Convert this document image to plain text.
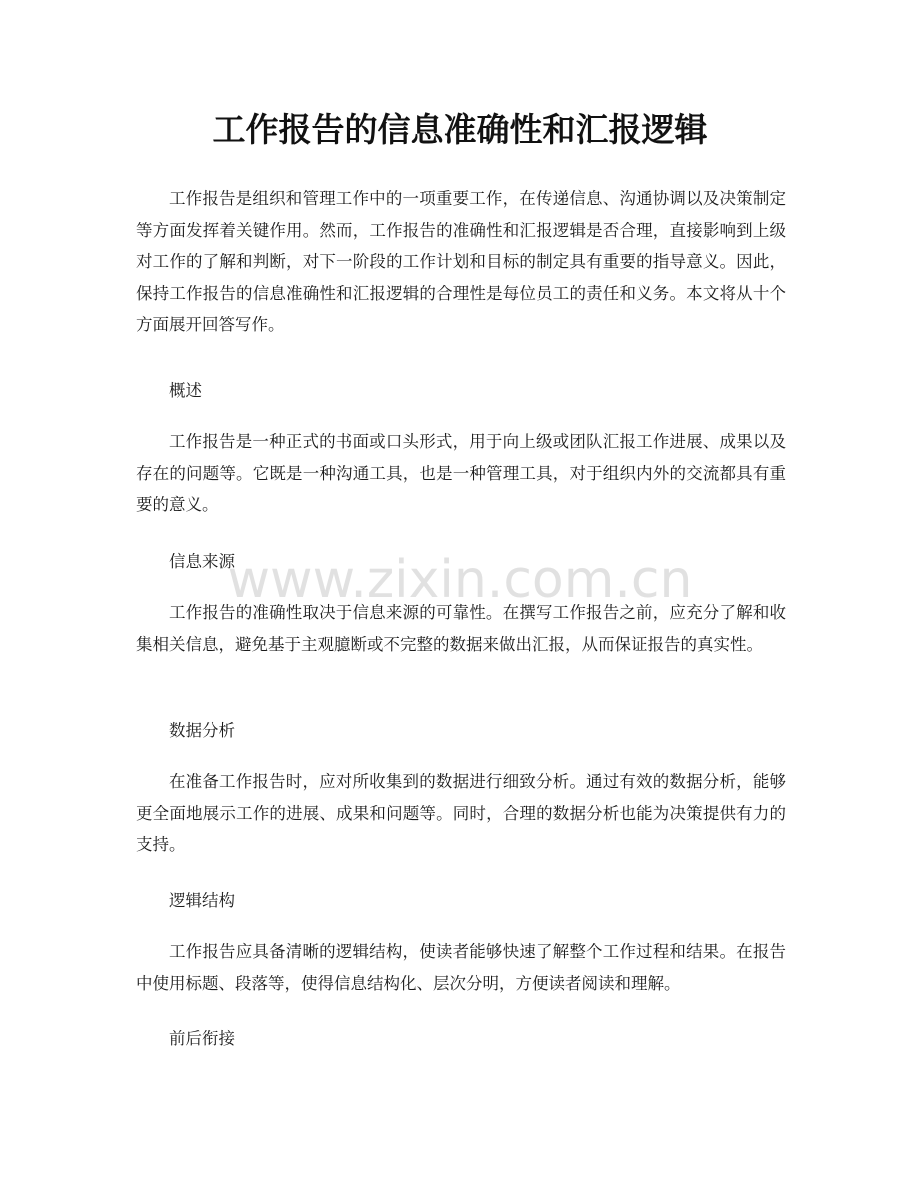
工作报告的信息准确性和汇报逻辑

工作报告是组织和管理工作中的一项重要工作，在传递信息、沟通协调以及决策制定等方面发挥着关键作用。然而，工作报告的准确性和汇报逻辑是否合理，直接影响到上级对工作的了解和判断，对下一阶段的工作计划和目标的制定具有重要的指导意义。因此，保持工作报告的信息准确性和汇报逻辑的合理性是每位员工的责任和义务。本文将从十个方面展开回答写作。

概述

工作报告是一种正式的书面或口头形式，用于向上级或团队汇报工作进展、成果以及存在的问题等。它既是一种沟通工具，也是一种管理工具，对于组织内外的交流都具有重要的意义。

信息来源

工作报告的准确性取决于信息来源的可靠性。在撰写工作报告之前，应充分了解和收集相关信息，避免基于主观臆断或不完整的数据来做出汇报，从而保证报告的真实性。

数据分析

在准备工作报告时，应对所收集到的数据进行细致分析。通过有效的数据分析，能够更全面地展示工作的进展、成果和问题等。同时，合理的数据分析也能为决策提供有力的支持。

逻辑结构

工作报告应具备清晰的逻辑结构，使读者能够快速了解整个工作过程和结果。在报告中使用标题、段落等，使得信息结构化、层次分明，方便读者阅读和理解。

前后衔接

www.zixin.com.cn
